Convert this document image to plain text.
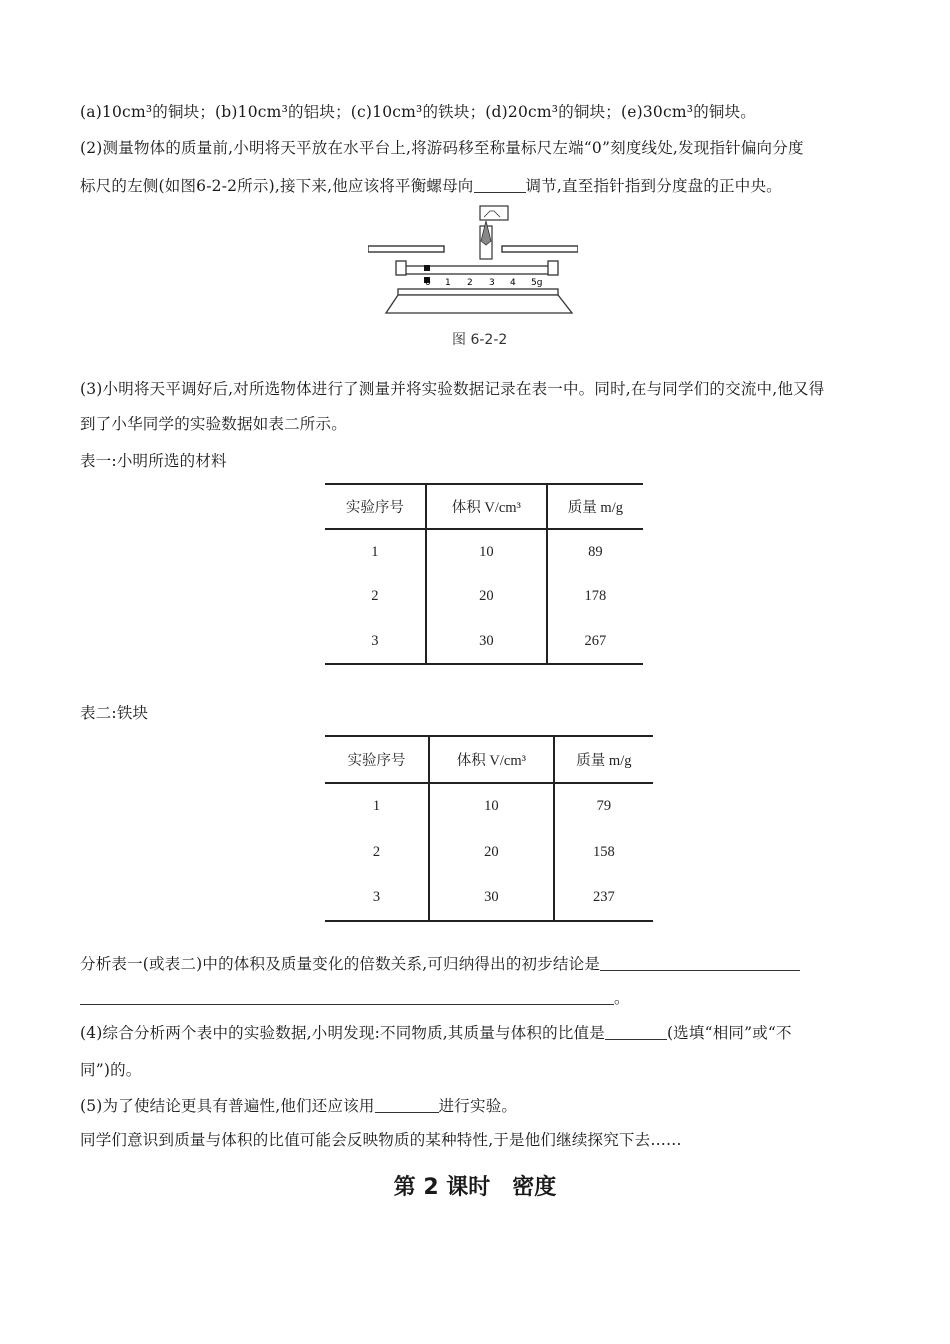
(a)10cm³的铜块；(b)10cm³的铝块；(c)10cm³的铁块；(d)20cm³的铜块；(e)30cm³的铜块。
(2)测量物体的质量前,小明将天平放在水平台上,将游码移至称量标尺左端“0”刻度线处,发现指针偏向分度
标尺的左侧(如图6-2-2所示),接下来,他应该将平衡螺母向	调节,直至指针指到分度盘的正中央。
0 1 2 3 4 5g
图 6-2-2
(3)小明将天平调好后,对所选物体进行了测量并将实验数据记录在表一中。同时,在与同学们的交流中,他又得
到了小华同学的实验数据如表二所示。
表一:小明所选的材料
实验序号	体积 V/cm³	质量 m/g
1	10	89
2	20	178
3	30	267
表二:铁块
实验序号	体积 V/cm³	质量 m/g
1	10	79
2	20	158
3	30	237
分析表一(或表二)中的体积及质量变化的倍数关系,可归纳得出的初步结论是
。
(4)综合分析两个表中的实验数据,小明发现:不同物质,其质量与体积的比值是	(选填“相同”或“不
同”)的。
(5)为了使结论更具有普遍性,他们还应该用	进行实验。
同学们意识到质量与体积的比值可能会反映物质的某种特性,于是他们继续探究下去……
第 2 课时　密度
